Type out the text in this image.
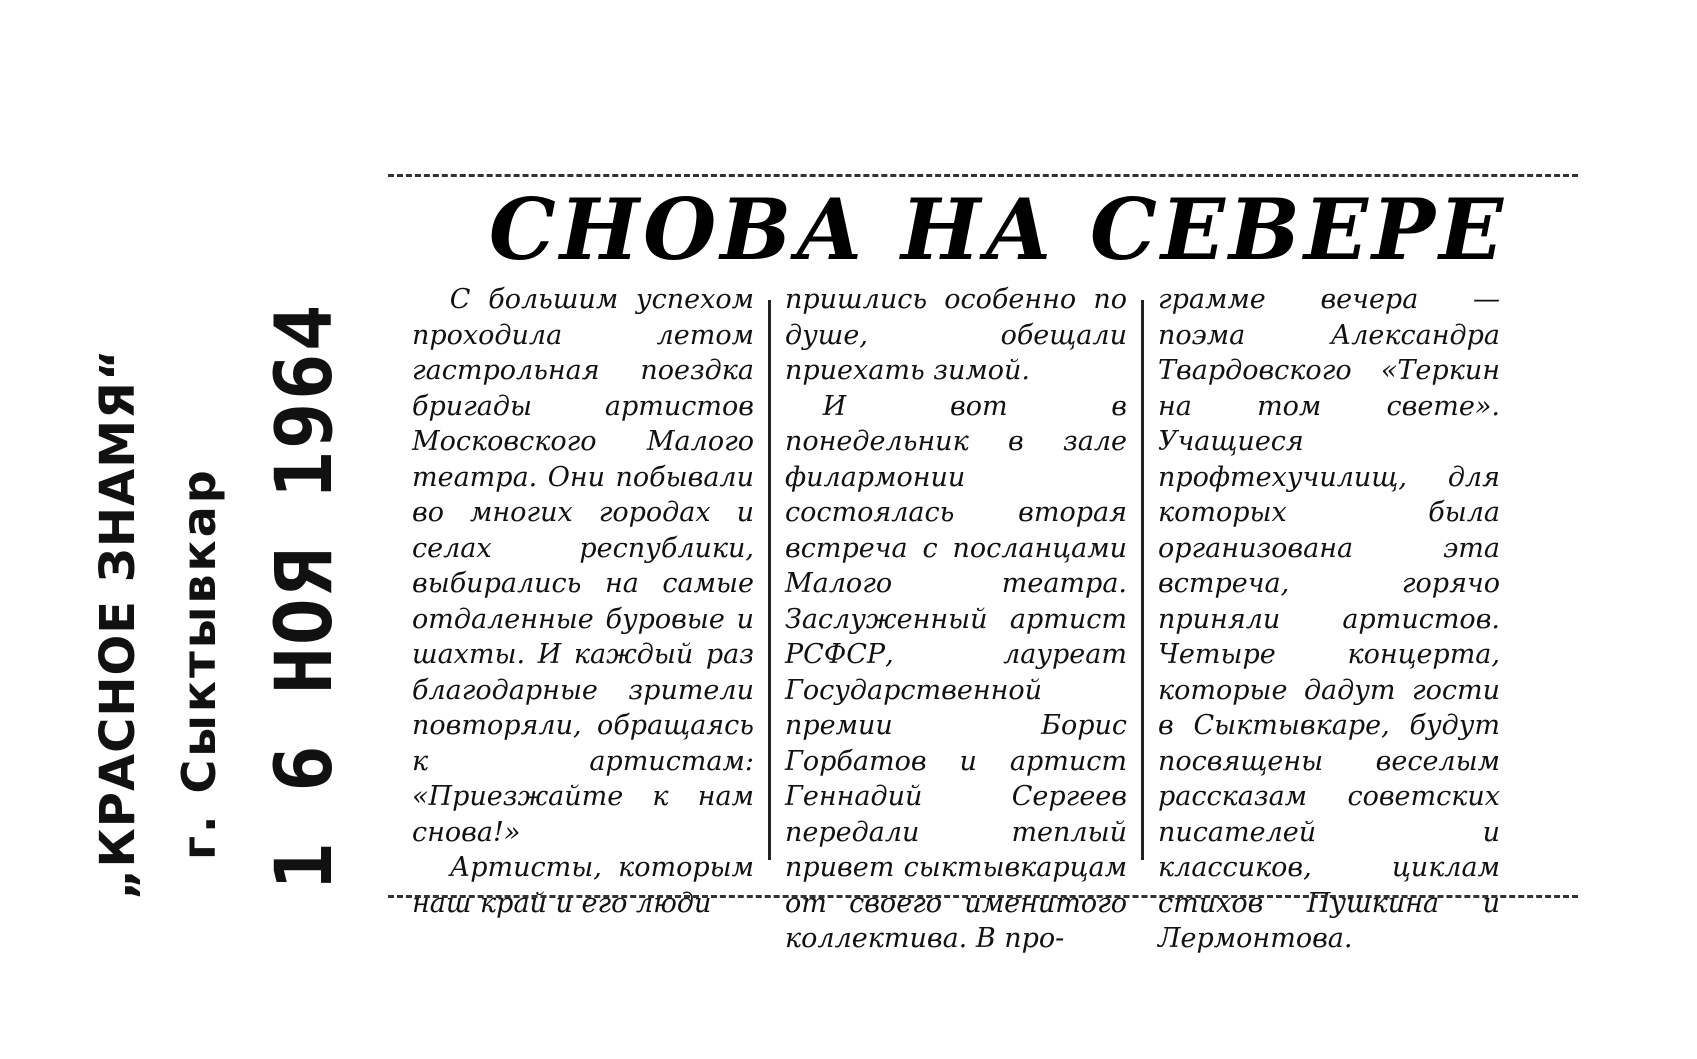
„КРАСНОЕ ЗНАМЯ“ г. Сыктывкар 1 6 НОЯ 1964
СНОВА НА СЕВЕРЕ

С большим успехом проходила летом гастрольная поездка бригады артистов Московского Малого театра. Они побывали во многих городах и селах республики, выбирались на самые отдаленные буровые и шахты. И каждый раз благодарные зрители повторяли, обращаясь к артистам: «Приезжайте к нам снова!»

Артисты, которым наш край и его люди

пришлись особенно по душе, обещали приехать зимой.

И вот в понедельник в зале филармонии состоялась вторая встреча с посланцами Малого театра. Заслуженный артист РСФСР, лауреат Государственной премии Борис Горбатов и артист Геннадий Сергеев передали теплый привет сыктывкарцам от своего именитого коллектива. В про-

грамме вечера — поэма Александра Твардовского «Теркин на том свете». Учащиеся профтехучилищ, для которых была организована эта встреча, горячо приняли артистов. Четыре концерта, которые дадут гости в Сыктывкаре, будут посвящены веселым рассказам советских писателей и классиков, циклам стихов Пушкина и Лермонтова.
